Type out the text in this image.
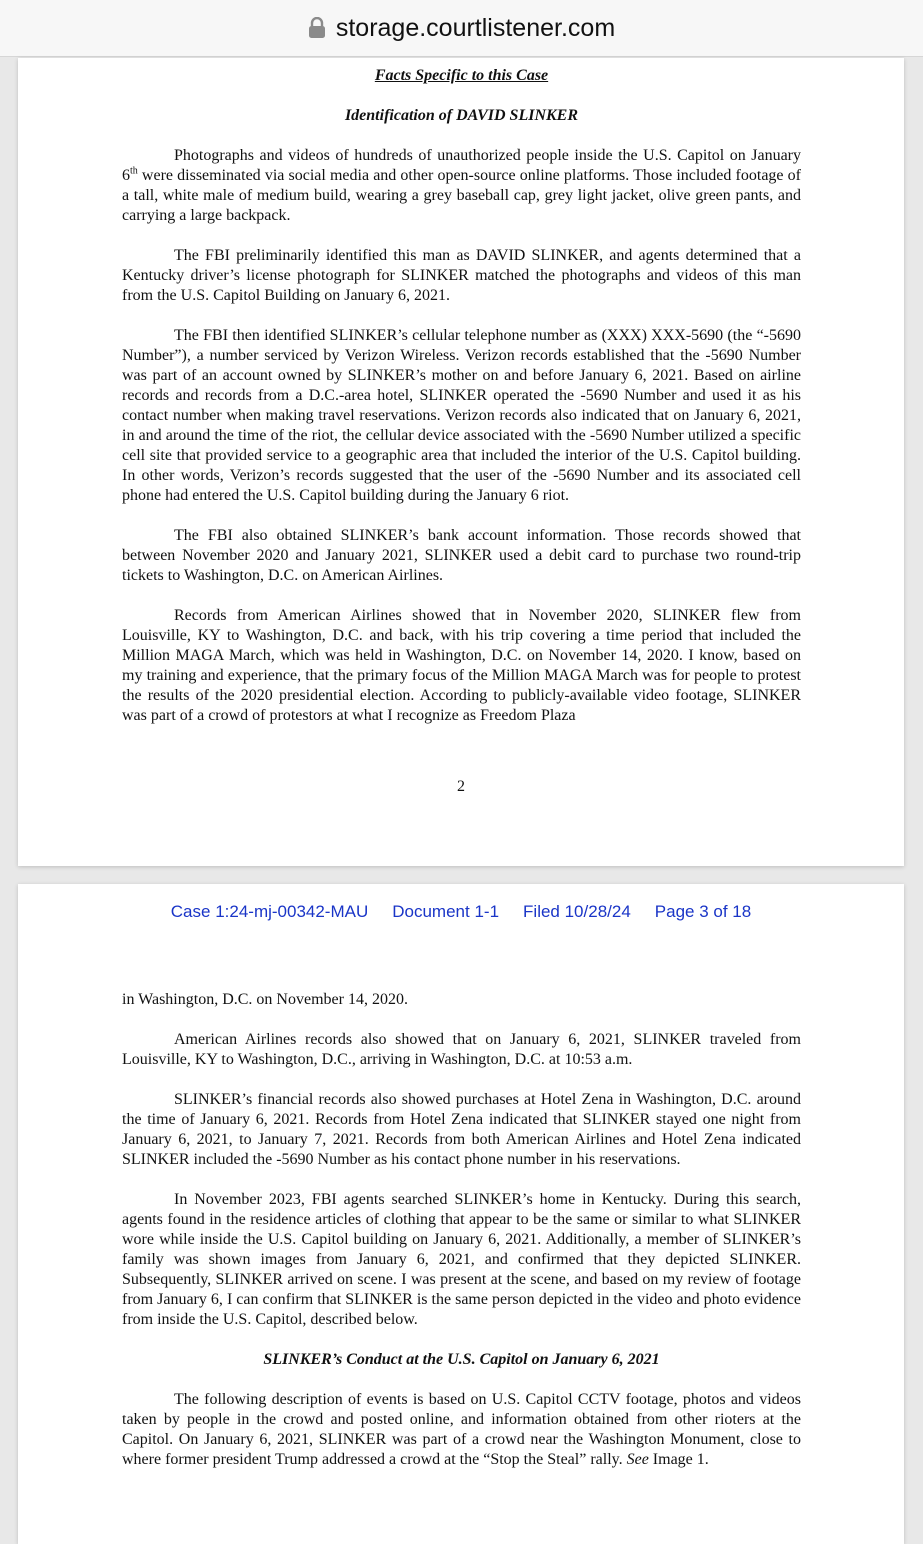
storage.courtlistener.com
Facts Specific to this Case
Identification of DAVID SLINKER

Photographs and videos of hundreds of unauthorized people inside the U.S. Capitol on January 6th were disseminated via social media and other open-source online platforms. Those included footage of a tall, white male of medium build, wearing a grey baseball cap, grey light jacket, olive green pants, and carrying a large backpack.

The FBI preliminarily identified this man as DAVID SLINKER, and agents determined that a Kentucky driver’s license photograph for SLINKER matched the photographs and videos of this man from the U.S. Capitol Building on January 6, 2021.

The FBI then identified SLINKER’s cellular telephone number as (XXX) XXX-5690 (the “-5690 Number”), a number serviced by Verizon Wireless. Verizon records established that the -5690 Number was part of an account owned by SLINKER’s mother on and before January 6, 2021. Based on airline records and records from a D.C.-area hotel, SLINKER operated the -5690 Number and used it as his contact number when making travel reservations. Verizon records also indicated that on January 6, 2021, in and around the time of the riot, the cellular device associated with the -5690 Number utilized a specific cell site that provided service to a geographic area that included the interior of the U.S. Capitol building. In other words, Verizon’s records suggested that the user of the -5690 Number and its associated cell phone had entered the U.S. Capitol building during the January 6 riot.

The FBI also obtained SLINKER’s bank account information. Those records showed that between November 2020 and January 2021, SLINKER used a debit card to purchase two round-trip tickets to Washington, D.C. on American Airlines.

Records from American Airlines showed that in November 2020, SLINKER flew from Louisville, KY to Washington, D.C. and back, with his trip covering a time period that included the Million MAGA March, which was held in Washington, D.C. on November 14, 2020. I know, based on my training and experience, that the primary focus of the Million MAGA March was for people to protest the results of the 2020 presidential election. According to publicly-available video footage, SLINKER was part of a crowd of protestors at what I recognize as Freedom Plaza

2
Case 1:24-mj-00342-MAU Document 1-1 Filed 10/28/24 Page 3 of 18

in Washington, D.C. on November 14, 2020.

American Airlines records also showed that on January 6, 2021, SLINKER traveled from Louisville, KY to Washington, D.C., arriving in Washington, D.C. at 10:53 a.m.

SLINKER’s financial records also showed purchases at Hotel Zena in Washington, D.C. around the time of January 6, 2021. Records from Hotel Zena indicated that SLINKER stayed one night from January 6, 2021, to January 7, 2021. Records from both American Airlines and Hotel Zena indicated SLINKER included the -5690 Number as his contact phone number in his reservations.

In November 2023, FBI agents searched SLINKER’s home in Kentucky. During this search, agents found in the residence articles of clothing that appear to be the same or similar to what SLINKER wore while inside the U.S. Capitol building on January 6, 2021. Additionally, a member of SLINKER’s family was shown images from January 6, 2021, and confirmed that they depicted SLINKER. Subsequently, SLINKER arrived on scene. I was present at the scene, and based on my review of footage from January 6, I can confirm that SLINKER is the same person depicted in the video and photo evidence from inside the U.S. Capitol, described below.

SLINKER’s Conduct at the U.S. Capitol on January 6, 2021

The following description of events is based on U.S. Capitol CCTV footage, photos and videos taken by people in the crowd and posted online, and information obtained from other rioters at the Capitol. On January 6, 2021, SLINKER was part of a crowd near the Washington Monument, close to where former president Trump addressed a crowd at the “Stop the Steal” rally. See Image 1.
